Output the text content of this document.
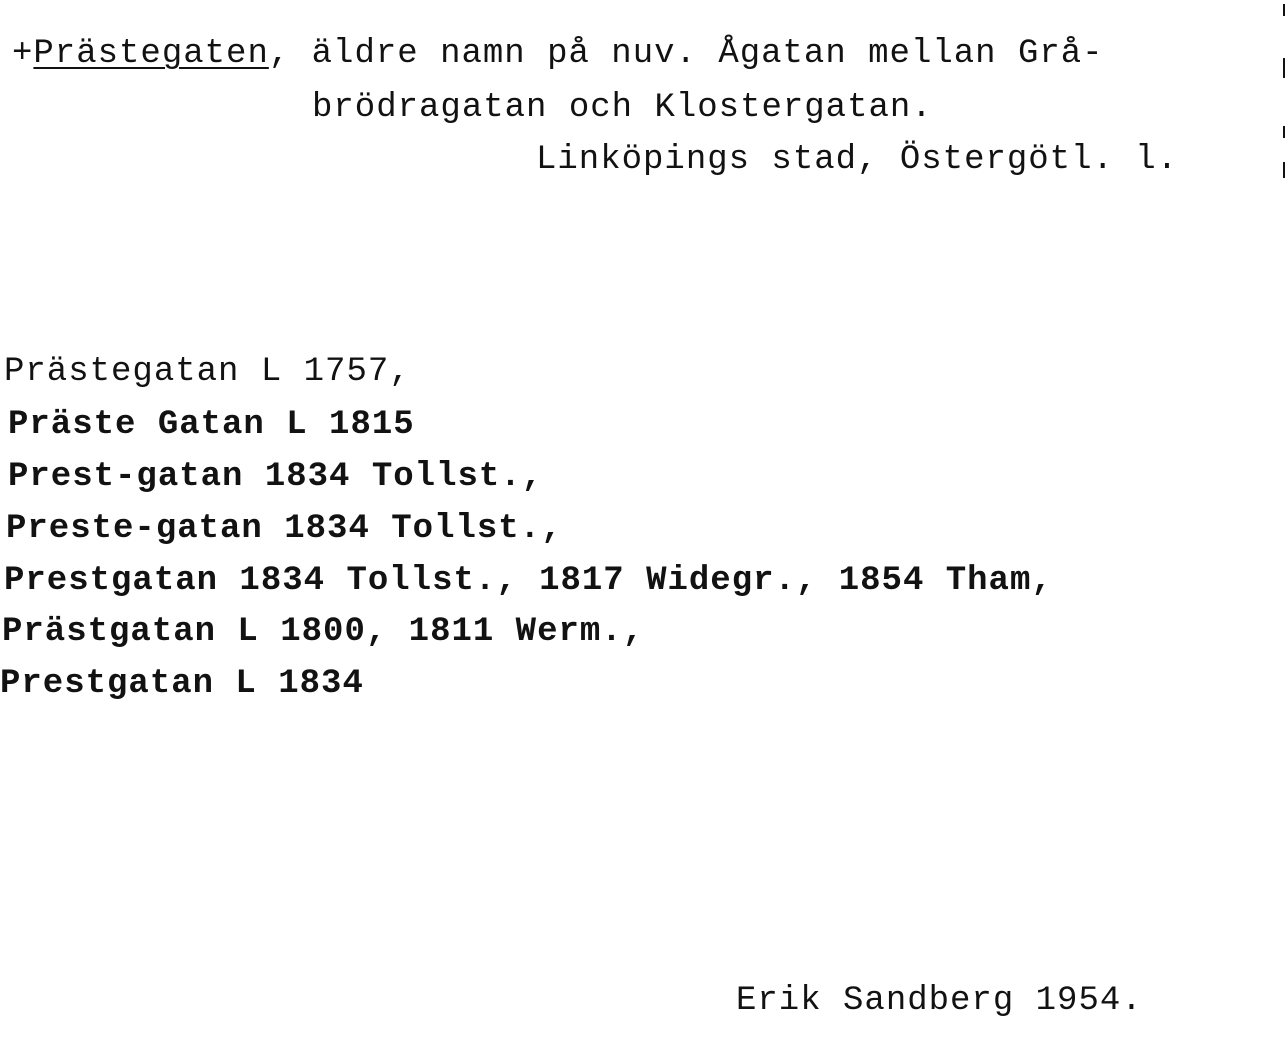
+Prästegaten, äldre namn på nuv. Ågatan mellan Grå-
brödragatan och Klostergatan.
Linköpings stad, Östergötl. l.
Prästegatan L 1757,
Präste Gatan L 1815
Prest-gatan 1834 Tollst.,
Preste-gatan 1834 Tollst.,
Prestgatan 1834 Tollst., 1817 Widegr., 1854 Tham,
Prästgatan L 1800, 1811 Werm.,
Prestgatan L 1834
Erik Sandberg 1954.
